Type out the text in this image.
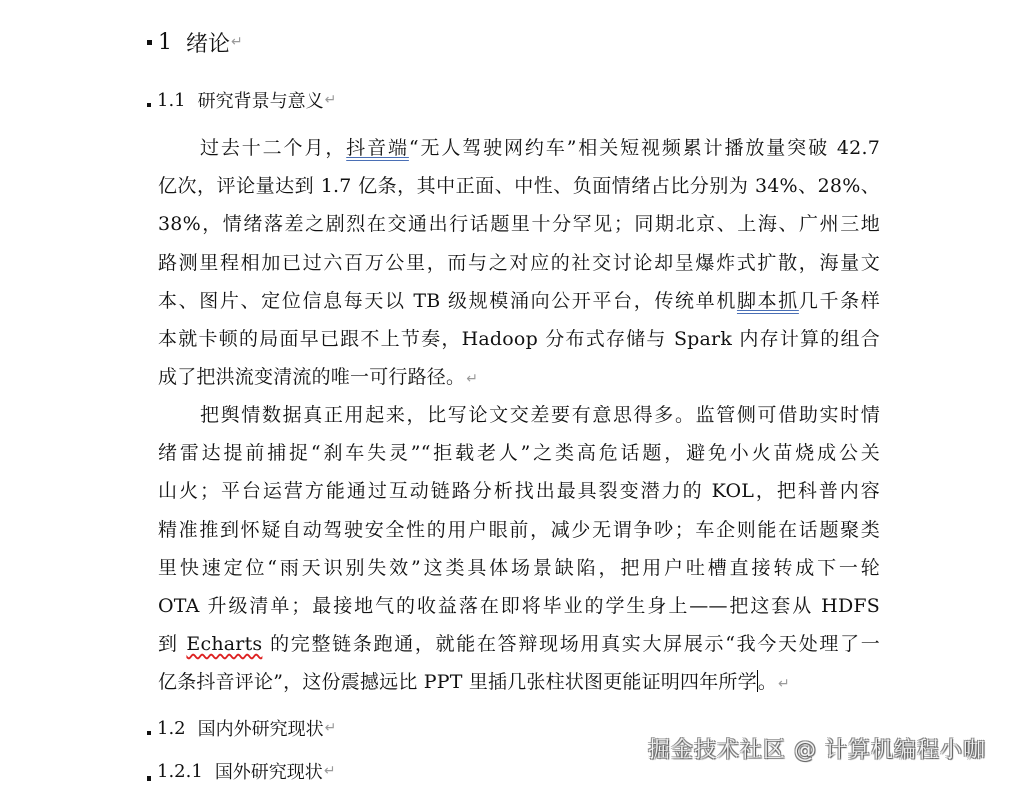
1 绪论 ↵
1.1 研究背景与意义 ↵
过去十二个月，抖音端“无人驾驶网约车”相关短视频累计播放量突破 42.7
亿次，评论量达到 1.7 亿条，其中正面、中性、负面情绪占比分别为 34%、28%、
38%，情绪落差之剧烈在交通出行话题里十分罕见；同期北京、上海、广州三地
路测里程相加已过六百万公里，而与之对应的社交讨论却呈爆炸式扩散，海量文
本、图片、定位信息每天以 TB 级规模涌向公开平台，传统单机脚本抓几千条样
本就卡顿的局面早已跟不上节奏，Hadoop 分布式存储与 Spark 内存计算的组合
成了把洪流变清流的唯一可行路径。↵
把舆情数据真正用起来，比写论文交差要有意思得多。监管侧可借助实时情
绪雷达提前捕捉“刹车失灵”“拒载老人”之类高危话题，避免小火苗烧成公关
山火；平台运营方能通过互动链路分析找出最具裂变潜力的 KOL，把科普内容
精准推到怀疑自动驾驶安全性的用户眼前，减少无谓争吵；车企则能在话题聚类
里快速定位“雨天识别失效”这类具体场景缺陷，把用户吐槽直接转成下一轮
OTA 升级清单；最接地气的收益落在即将毕业的学生身上——把这套从 HDFS
到 Echarts 的完整链条跑通，就能在答辩现场用真实大屏展示“我今天处理了一
亿条抖音评论”，这份震撼远比 PPT 里插几张柱状图更能证明四年所学。↵
1.2 国内外研究现状 ↵
1.2.1 国外研究现状 ↵
掘金技术社区 @ 计算机编程小咖
